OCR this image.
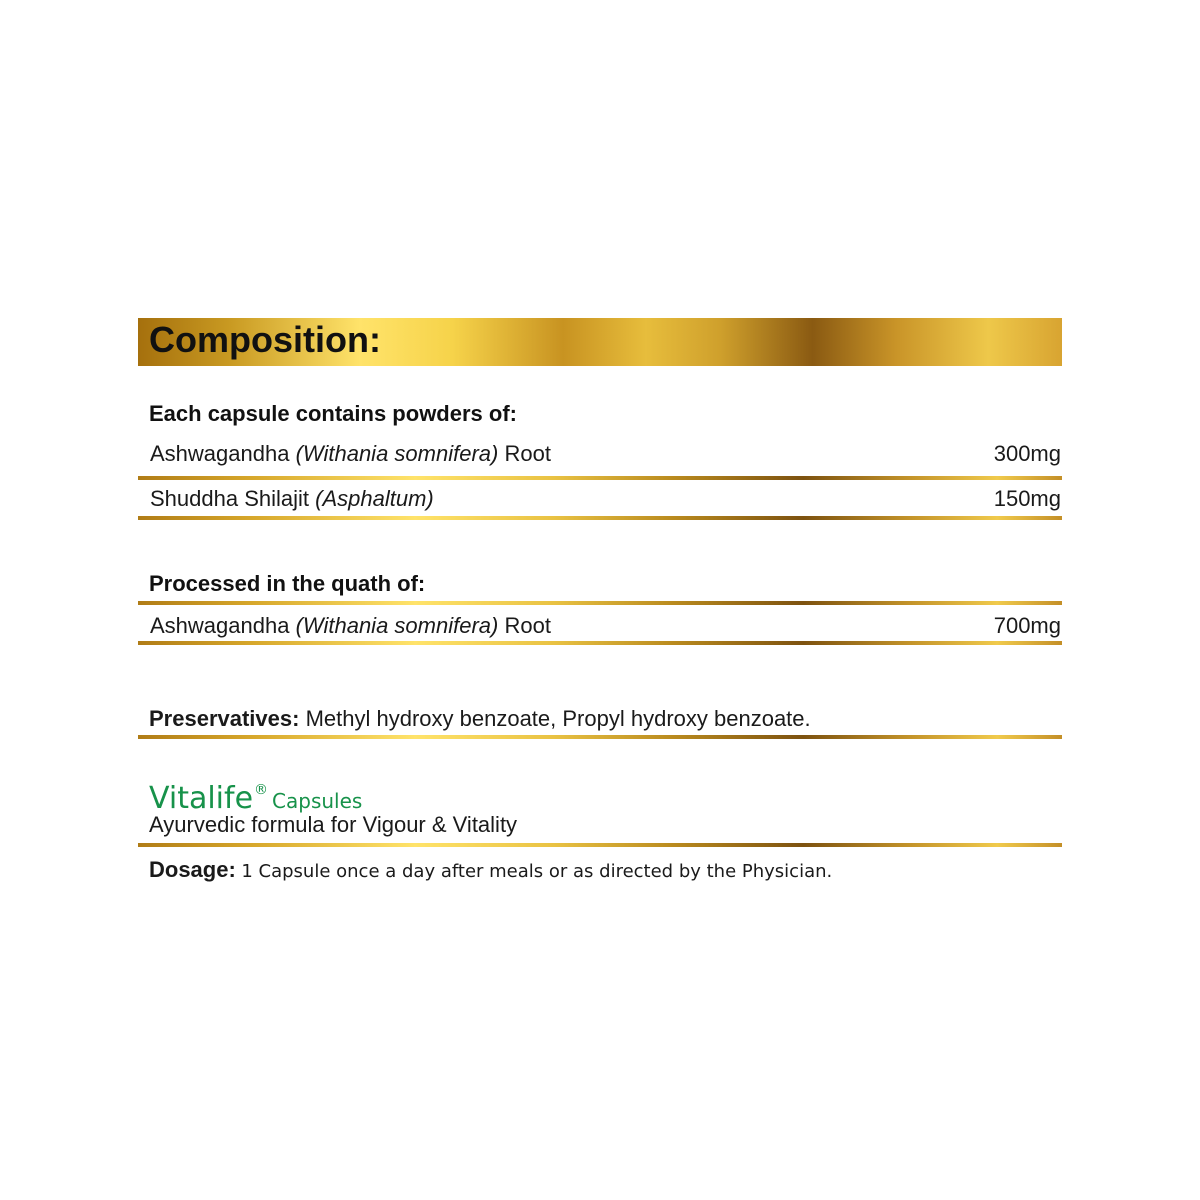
Composition:
Each capsule contains powders of:
Ashwagandha (Withania somnifera) Root	300mg
Shuddha Shilajit (Asphaltum)	150mg
Processed in the quath of:
Ashwagandha (Withania somnifera) Root	700mg
Preservatives: Methyl hydroxy benzoate, Propyl hydroxy benzoate.
Vitalife® Capsules
Ayurvedic formula for Vigour & Vitality
Dosage: 1 Capsule once a day after meals or as directed by the Physician.
